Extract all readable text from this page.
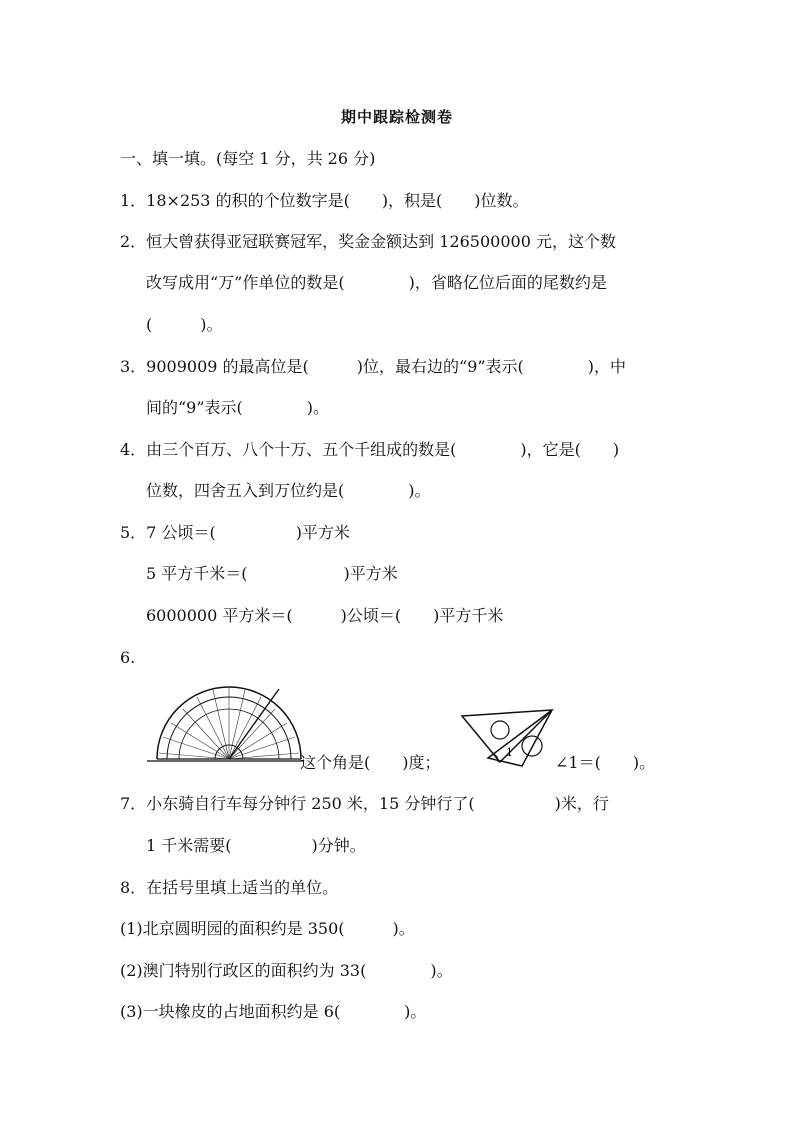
期中跟踪检测卷
一、填一填。(每空 1 分，共 26 分)
1．18×253 的积的个位数字是(　　)，积是(　　)位数。
2．恒大曾获得亚冠联赛冠军，奖金金额达到 126500000 元，这个数
改写成用“万”作单位的数是(　　　　)，省略亿位后面的尾数约是
(　　　)。
3．9009009 的最高位是(　　　)位，最右边的“9”表示(　　　　)，中
间的“9”表示(　　　　)。
4．由三个百万、八个十万、五个千组成的数是(　　　　)，它是(　　)
位数，四舍五入到万位约是(　　　　)。
5．7 公顷＝(　　　　　)平方米
5 平方千米＝(　　　　　　)平方米
6000000 平方米＝(　　　)公顷＝(　　)平方千米
6.
这个角是(　　)度；
1
∠1＝(　　)。
7．小东骑自行车每分钟行 250 米，15 分钟行了(　　　　　)米，行
1 千米需要(　　　　　)分钟。
8．在括号里填上适当的单位。
(1)北京圆明园的面积约是 350(　　　)。
(2)澳门特别行政区的面积约为 33(　　　　)。
(3)一块橡皮的占地面积约是 6(　　　　)。
